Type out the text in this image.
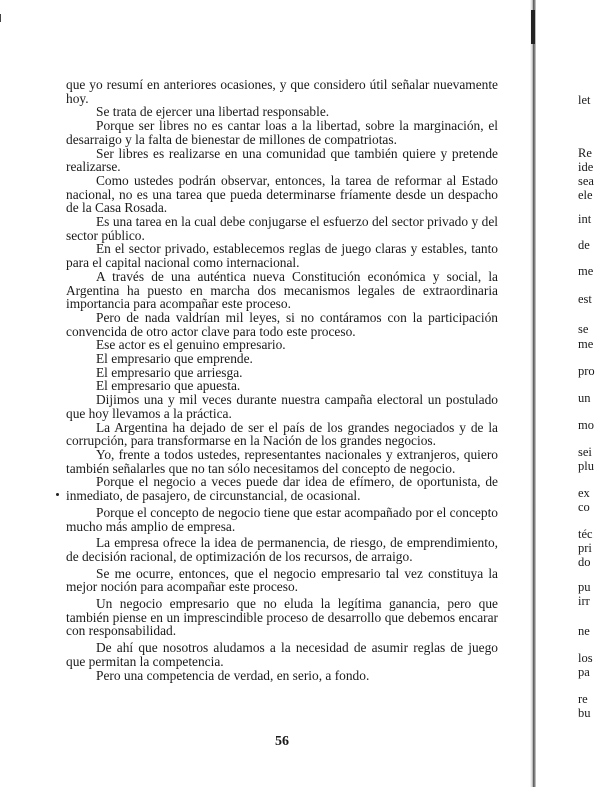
que yo resumí en anteriores ocasiones, y que considero útil señalar nuevamente hoy.

Se trata de ejercer una libertad responsable.

Porque ser libres no es cantar loas a la libertad, sobre la marginación, el desarraigo y la falta de bienestar de millones de compatriotas.

Ser libres es realizarse en una comunidad que también quiere y pretende realizarse.

Como ustedes podrán observar, entonces, la tarea de reformar al Estado nacional, no es una tarea que pueda determinarse fríamente desde un despacho de la Casa Rosada.

Es una tarea en la cual debe conjugarse el esfuerzo del sector privado y del sector público.

En el sector privado, establecemos reglas de juego claras y estables, tanto para el capital nacional como internacional.

A través de una auténtica nueva Constitución económica y social, la Argentina ha puesto en marcha dos mecanismos legales de extraordinaria importancia para acompañar este proceso.

Pero de nada valdrían mil leyes, si no contáramos con la participación convencida de otro actor clave para todo este proceso.

Ese actor es el genuino empresario.

El empresario que emprende.

El empresario que arriesga.

El empresario que apuesta.

Dijimos una y mil veces durante nuestra campaña electoral un postulado que hoy llevamos a la práctica.

La Argentina ha dejado de ser el país de los grandes negociados y de la corrupción, para transformarse en la Nación de los grandes negocios.

Yo, frente a todos ustedes, representantes nacionales y extranjeros, quiero también señalarles que no tan sólo necesitamos del concepto de negocio.

Porque el negocio a veces puede dar idea de efímero, de oportunista, de inmediato, de pasajero, de circunstancial, de ocasional.

Porque el concepto de negocio tiene que estar acompañado por el concepto mucho más amplio de empresa.

La empresa ofrece la idea de permanencia, de riesgo, de emprendimiento, de decisión racional, de optimización de los recursos, de arraigo.

Se me ocurre, entonces, que el negocio empresario tal vez constituya la mejor noción para acompañar este proceso.

Un negocio empresario que no eluda la legítima ganancia, pero que también piense en un imprescindible proceso de desarrollo que debemos encarar con responsabilidad.

De ahí que nosotros aludamos a la necesidad de asumir reglas de juego que permitan la competencia.

Pero una competencia de verdad, en serio, a fondo.

56
let
Re
ide
sea
ele
int
de
me
est
se
me
pro
un
mo
sei
plu
ex
co
téc
pri
do
pu
irr
ne
los
pa
re
bu
